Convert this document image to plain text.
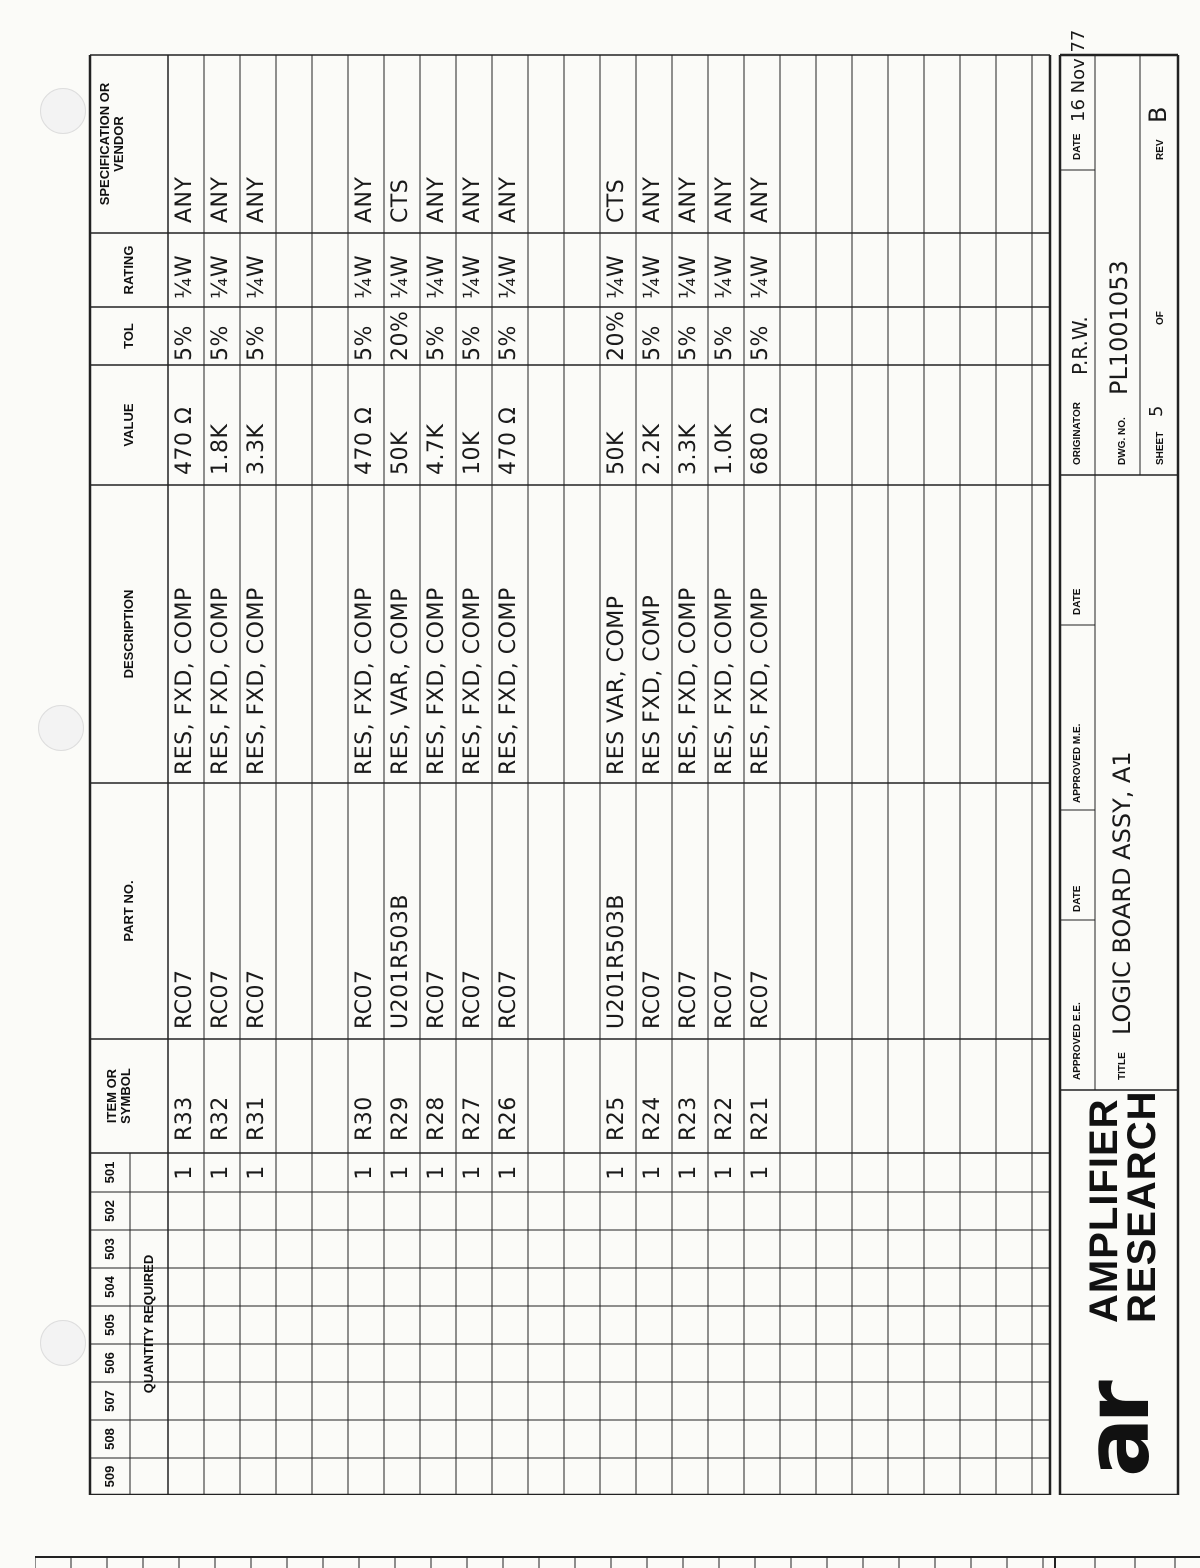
QUANTITY REQUIRED
509
508
507
506
505
504
503
502
501
ITEM OR SYMBOL
PART NO.
DESCRIPTION
VALUE
TOL
RATING
SPECIFICATION OR VENDOR
1
R33
RC07
RES, FXD, COMP
470 Ω
5%
¼W
ANY
1
R32
RC07
RES, FXD, COMP
1.8K
5%
¼W
ANY
1
R31
RC07
RES, FXD, COMP
3.3K
5%
¼W
ANY
1
R30
RC07
RES, FXD, COMP
470 Ω
5%
¼W
ANY
1
R29
U201R503B
RES, VAR, COMP
50K
20%
¼W
CTS
1
R28
RC07
RES, FXD, COMP
4.7K
5%
¼W
ANY
1
R27
RC07
RES, FXD, COMP
10K
5%
¼W
ANY
1
R26
RC07
RES, FXD, COMP
470 Ω
5%
¼W
ANY
1
R25
U201R503B
RES VAR, COMP
50K
20%
¼W
CTS
1
R24
RC07
RES FXD, COMP
2.2K
5%
¼W
ANY
1
R23
RC07
RES, FXD, COMP
3.3K
5%
¼W
ANY
1
R22
RC07
RES, FXD, COMP
1.0K
5%
¼W
ANY
1
R21
RC07
RES, FXD, COMP
680 Ω
5%
¼W
ANY
ar
AMPLIFIER
RESEARCH
APPROVED E.E.
DATE
APPROVED M.E.
DATE
ORIGINATOR
P.R.W.
DATE
16 Nov 77
TITLE
LOGIC BOARD ASSY, A1
DWG. NO.
PL1001053
SHEET
5
OF
REV
B
